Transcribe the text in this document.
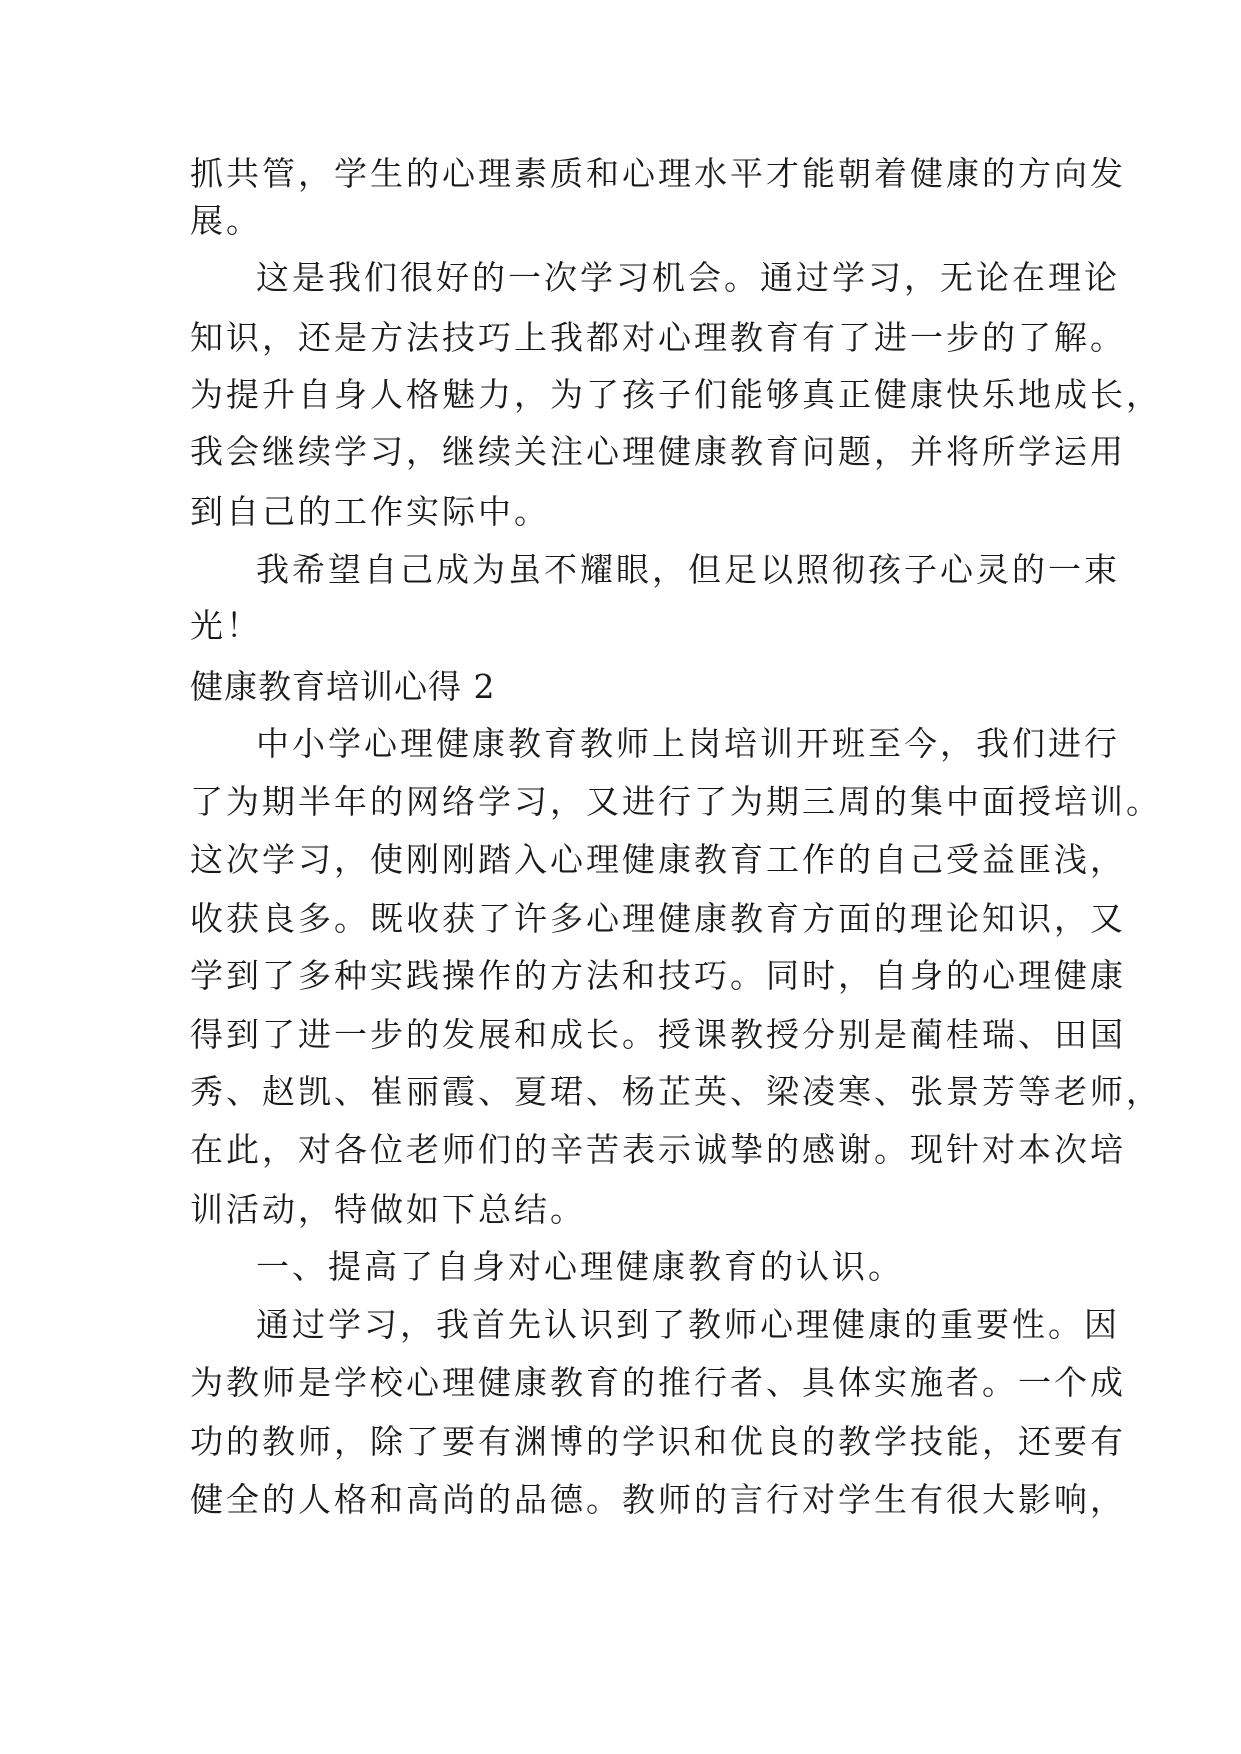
抓共管，学生的心理素质和心理水平才能朝着健康的方向发
展。
这是我们很好的一次学习机会。通过学习，无论在理论
知识，还是方法技巧上我都对心理教育有了进一步的了解。
为提升自身人格魅力，为了孩子们能够真正健康快乐地成长，
我会继续学习，继续关注心理健康教育问题，并将所学运用
到自己的工作实际中。
我希望自己成为虽不耀眼，但足以照彻孩子心灵的一束
光！
健康教育培训心得 2
中小学心理健康教育教师上岗培训开班至今，我们进行
了为期半年的网络学习，又进行了为期三周的集中面授培训。
这次学习，使刚刚踏入心理健康教育工作的自己受益匪浅，
收获良多。既收获了许多心理健康教育方面的理论知识，又
学到了多种实践操作的方法和技巧。同时，自身的心理健康
得到了进一步的发展和成长。授课教授分别是蔺桂瑞、田国
秀、赵凯、崔丽霞、夏珺、杨芷英、梁凌寒、张景芳等老师，
在此，对各位老师们的辛苦表示诚挚的感谢。现针对本次培
训活动，特做如下总结。
一、提高了自身对心理健康教育的认识。
通过学习，我首先认识到了教师心理健康的重要性。因
为教师是学校心理健康教育的推行者、具体实施者。一个成
功的教师，除了要有渊博的学识和优良的教学技能，还要有
健全的人格和高尚的品德。教师的言行对学生有很大影响，
